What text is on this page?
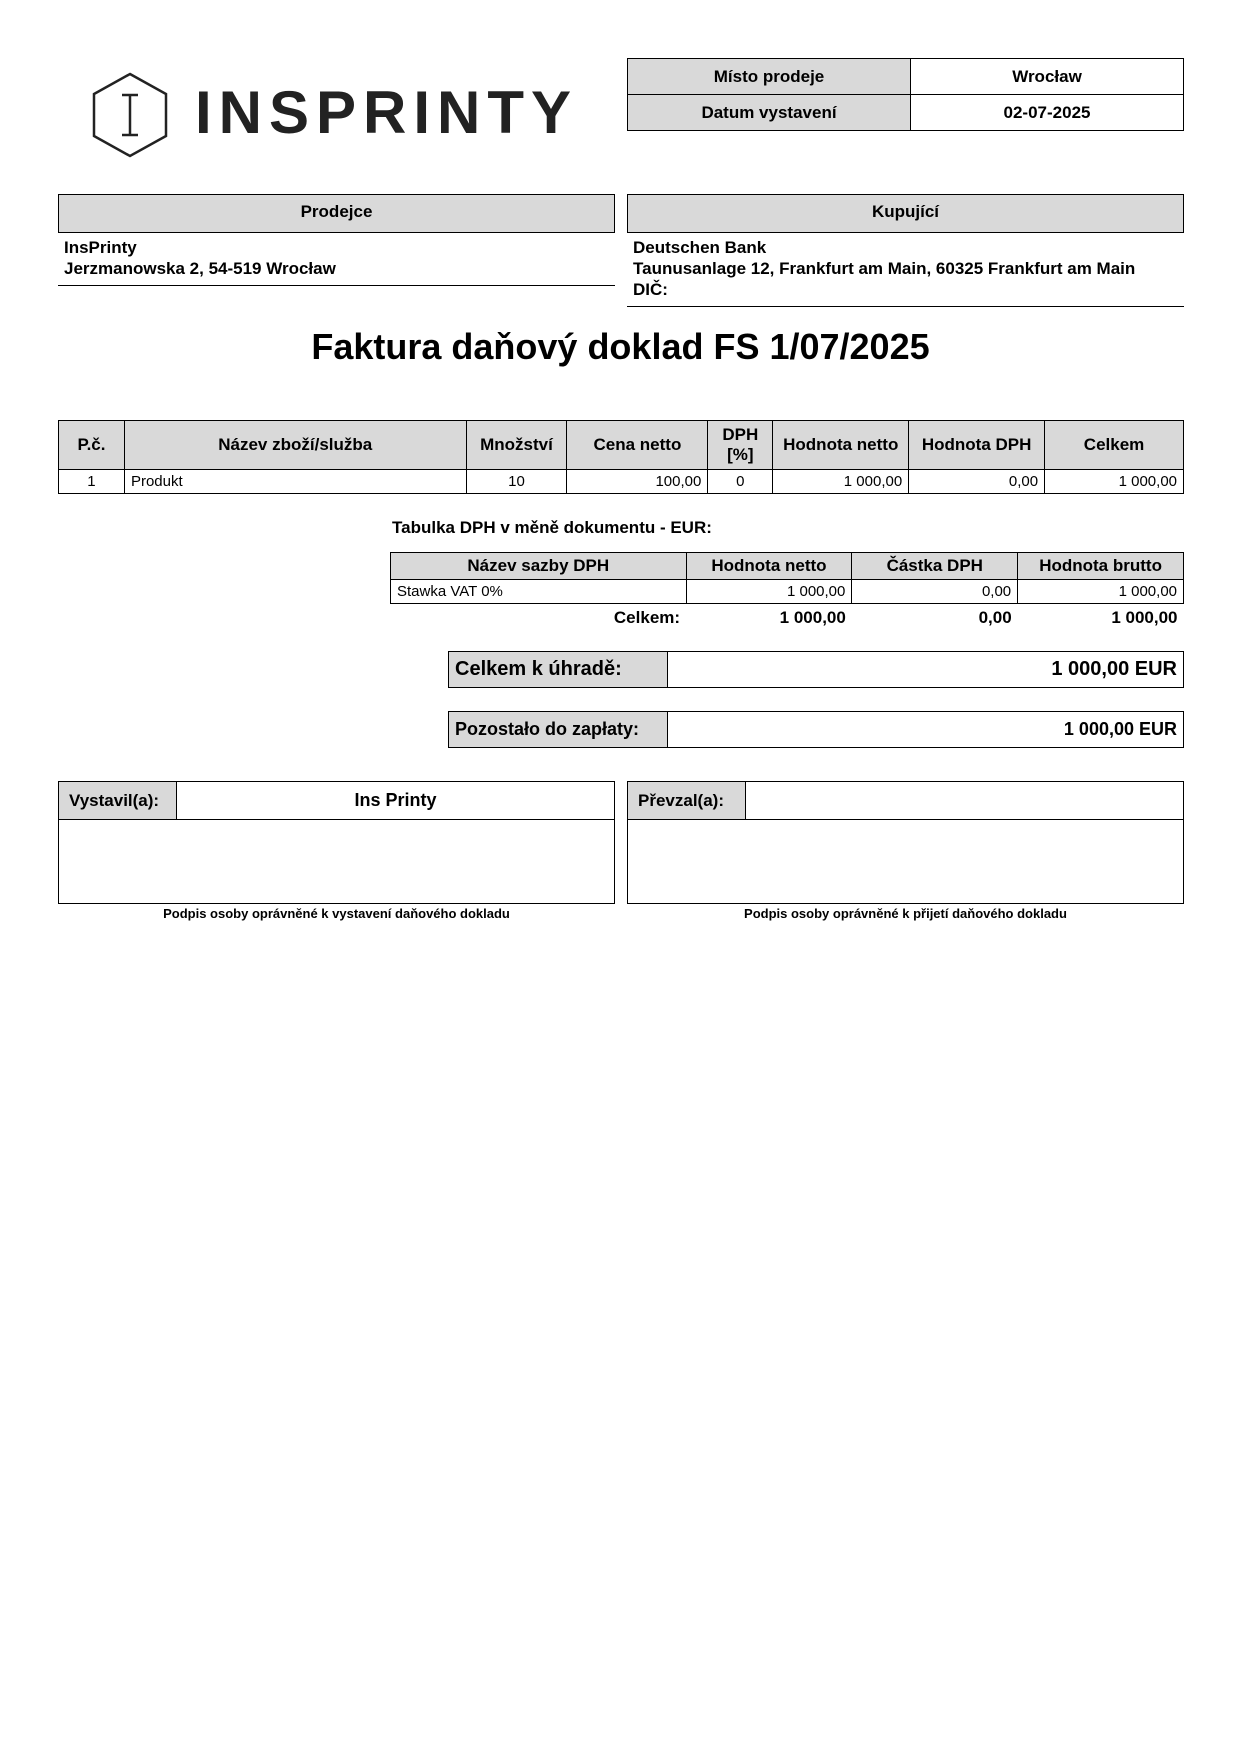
INSPRINTY
Místo prodeje	Wrocław
Datum vystavení	02-07-2025
Prodejce
InsPrinty
Jerzmanowska 2, 54-519 Wrocław
Kupující
Deutschen Bank
Taunusanlage 12, Frankfurt am Main, 60325 Frankfurt am Main
DIČ:
Faktura daňový doklad FS 1/07/2025
P.č.	Název zboží/služba	Množství	Cena netto	DPH [%]	Hodnota netto	Hodnota DPH	Celkem
1	Produkt	10	100,00	0	1 000,00	0,00	1 000,00
Tabulka DPH v měně dokumentu - EUR:
Název sazby DPH	Hodnota netto	Částka DPH	Hodnota brutto
Stawka VAT 0%	1 000,00	0,00	1 000,00
Celkem:	1 000,00	0,00	1 000,00
Celkem k úhradě:	1 000,00 EUR
Pozostało do zapłaty:	1 000,00 EUR
Vystavil(a):	Ins Printy
Podpis osoby oprávněné k vystavení daňového dokladu
Převzal(a):
Podpis osoby oprávněné k přijetí daňového dokladu
